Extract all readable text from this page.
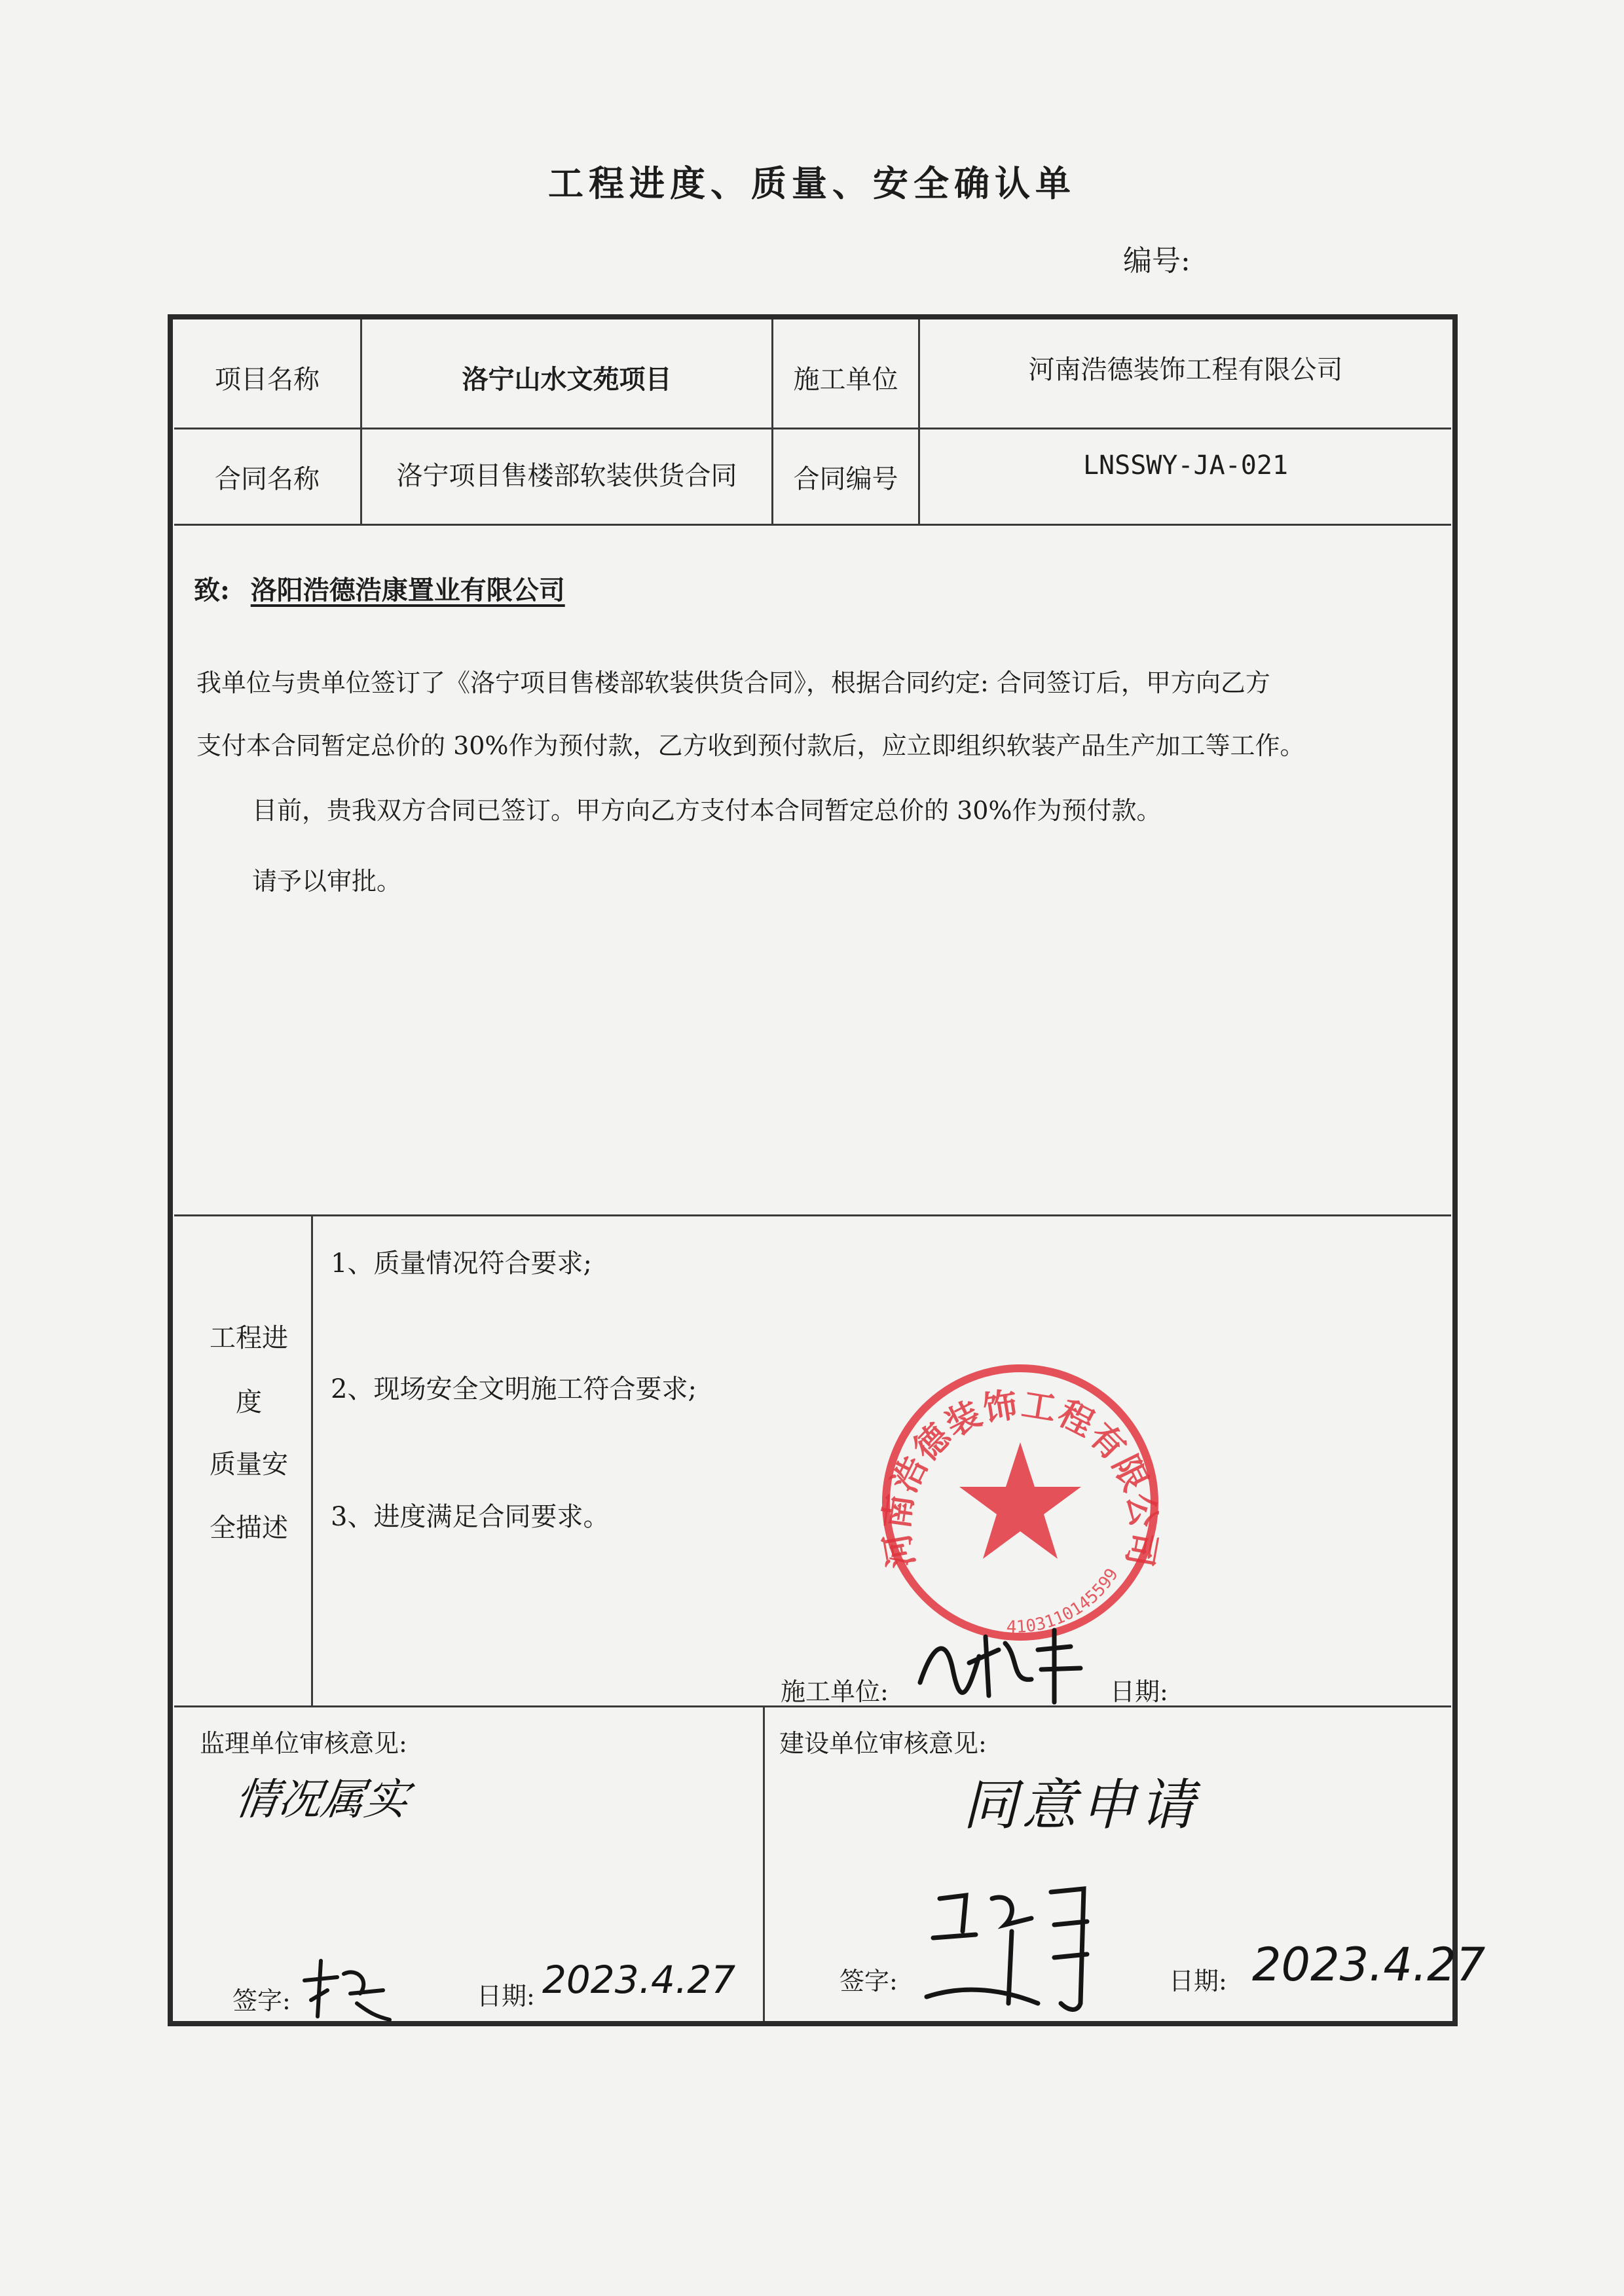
工程进度、质量、安全确认单
编号:
项目名称	洛宁山水文苑项目	施工单位	河南浩德装饰工程有限公司
合同名称	洛宁项目售楼部软装供货合同	合同编号	LNSSWY-JA-021
致: 洛阳浩德浩康置业有限公司
我单位与贵单位签订了《洛宁项目售楼部软装供货合同》，根据合同约定: 合同签订后，甲方向乙方
支付本合同暂定总价的 30%作为预付款，乙方收到预付款后，应立即组织软装产品生产加工等工作。
目前，贵我双方合同已签订。甲方向乙方支付本合同暂定总价的 30%作为预付款。
请予以审批。
工程进
度
质量安
全描述
1、质量情况符合要求;
2、现场安全文明施工符合要求;
3、进度满足合同要求。
施工单位:	日期:
河南浩德装饰工程有限公司
4103110145599
监理单位审核意见:
情况属实
签字:	日期: 2023.4.27
建设单位审核意见:
同意申请
签字:	日期: 2023.4.27
